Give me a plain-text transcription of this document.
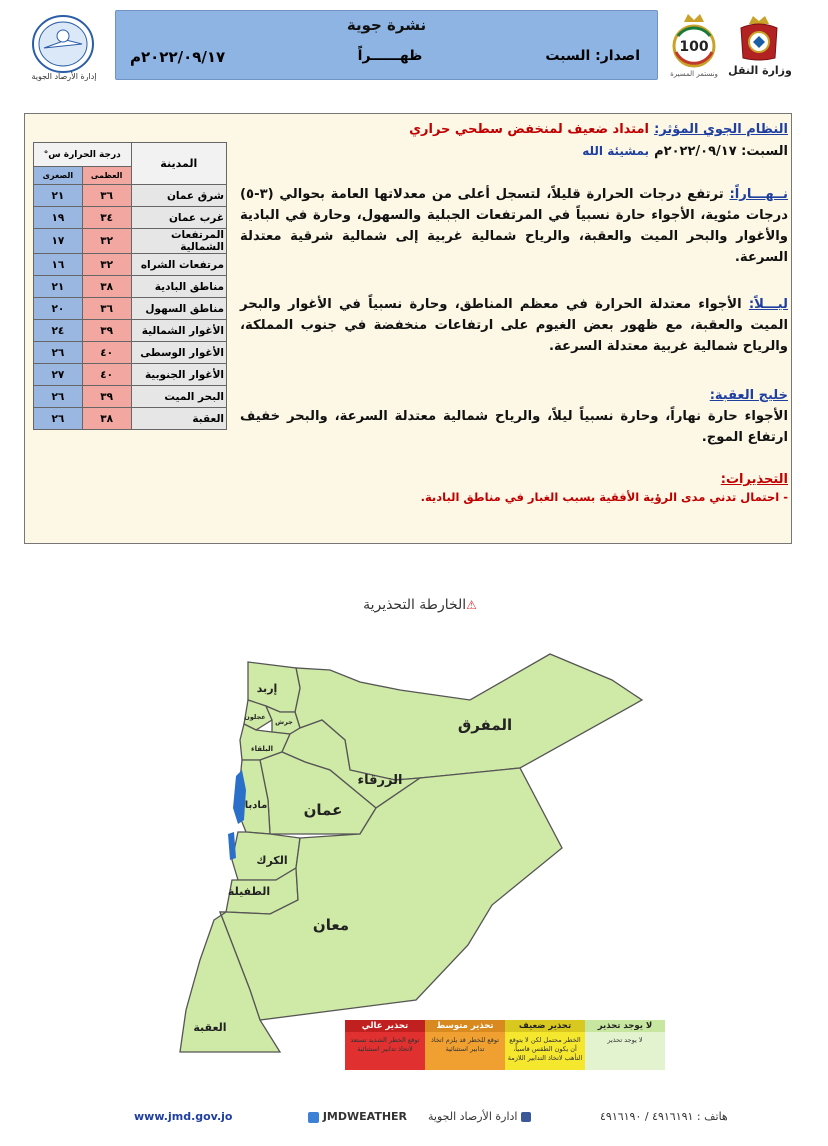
إدارة الأرصاد الجوية
نشرة جوية
اصدار: السبت
ظهــــــراً
٢٠٢٢/٠٩/١٧م
100
ونستمر المسيرة وزارة النقل
المدينة	درجة الحرارة س°	
	العظمى	الصغرى
شرق عمان	٣٦	٢١
غرب عمان	٣٤	١٩
المرتفعات الشمالية	٣٢	١٧
مرتفعات الشراه	٣٢	١٦
مناطق البادية	٣٨	٢١
مناطق السهول	٣٦	٢٠
الأغوار الشمالية	٣٩	٢٤
الأغوار الوسطى	٤٠	٢٦
الأغوار الجنوبية	٤٠	٢٧
البحر الميت	٣٩	٢٦
العقبة	٣٨	٢٦
النظام الجوي المؤثر: امتداد ضعيف لمنخفض سطحي حراري
السبت: ٢٠٢٢/٠٩/١٧م بمشيئة الله
نــهـــاراً: ترتفع درجات الحرارة قليلاً، لتسجل أعلى من معدلاتها العامة بحوالي (٣-٥) درجات مئوية، الأجواء حارة نسبياً في المرتفعات الجبلية والسهول، وحارة في البادية والأغوار والبحر الميت والعقبة، والرياح شمالية غربية إلى شمالية شرقية معتدلة السرعة.
ليـــلاً: الأجواء معتدلة الحرارة في معظم المناطق، وحارة نسبياً في الأغوار والبحر الميت والعقبة، مع ظهور بعض الغيوم على ارتفاعات منخفضة في جنوب المملكة، والرياح شمالية غربية معتدلة السرعة.
خليج العقبة:
الأجواء حارة نهاراً، وحارة نسبياً ليلاً، والرياح شمالية معتدلة السرعة، والبحر خفيف ارتفاع الموج.
التحذيرات:
- احتمال تدني مدى الرؤية الأفقية بسبب الغبار في مناطق البادية.
⚠الخارطة التحذيرية
إربد
عجلون
جرش
البلقاء
المفرق
الزرقاء
عمان
مادبا
الكرك
الطفيلة
معان
العقبة	لا يوجد تحذير
لا يوجد تحذير
تحذير ضعيف
الخطر محتمل لكن لا يتوقع أن يكون الطقس قاسياً، التأهب لاتخاذ التدابير اللازمة
تحذير متوسط
توقع للخطر قد يلزم اتخاذ تدابير استثنائية
تحذير عالي
توقع الخطر الشديد تستعد لاتخاذ تدابير استثنائية
www.jmd.gov.jo	JMDWEATHER ادارة الأرصاد الجوية	هاتف : ٤٩١٦١٩١ / ٤٩١٦١٩٠
